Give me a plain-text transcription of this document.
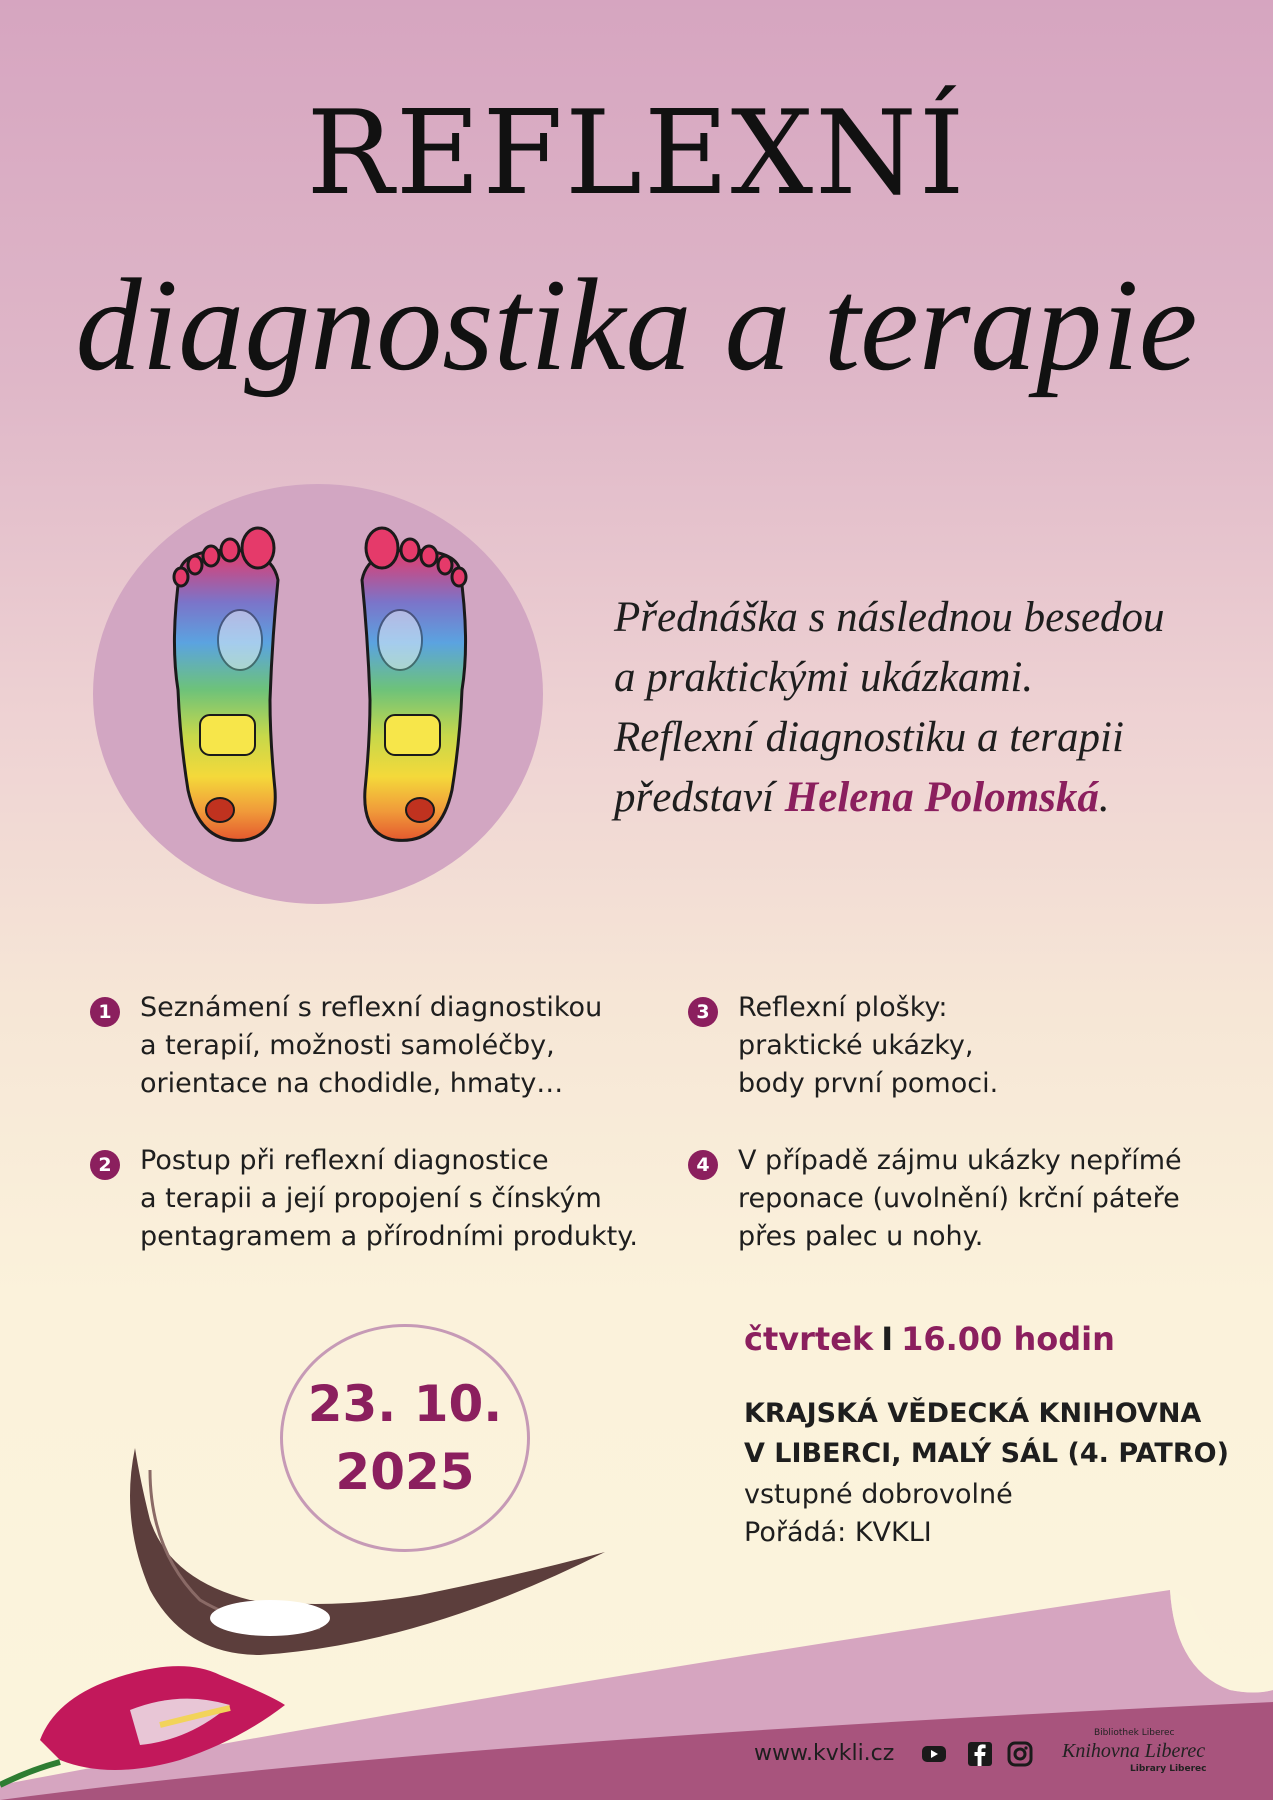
REFLEXNÍ
diagnostika a terapie
Přednáška s následnou besedou
a praktickými ukázkami.
Reflexní diagnostiku a terapii
představí Helena Polomská.
1	Seznámení s reflexní diagnostikou
a terapií, možnosti samoléčby,
orientace na chodidle, hmaty…
2	Postup při reflexní diagnostice
a terapii a její propojení s čínským
pentagramem a přírodními produkty.
3	Reflexní plošky:
praktické ukázky,
body první pomoci.
4	V případě zájmu ukázky nepřímé
reponace (uvolnění) krční páteře
přes palec u nohy.
23. 10.
2025
čtvrtek I 16.00 hodin
KRAJSKÁ VĚDECKÁ KNIHOVNA
V LIBERCI, MALÝ SÁL (4. PATRO)
vstupné dobrovolné
Pořádá: KVKLI
www.kvkli.cz
Bibliothek Liberec
Knihovna Liberec
Library Liberec
